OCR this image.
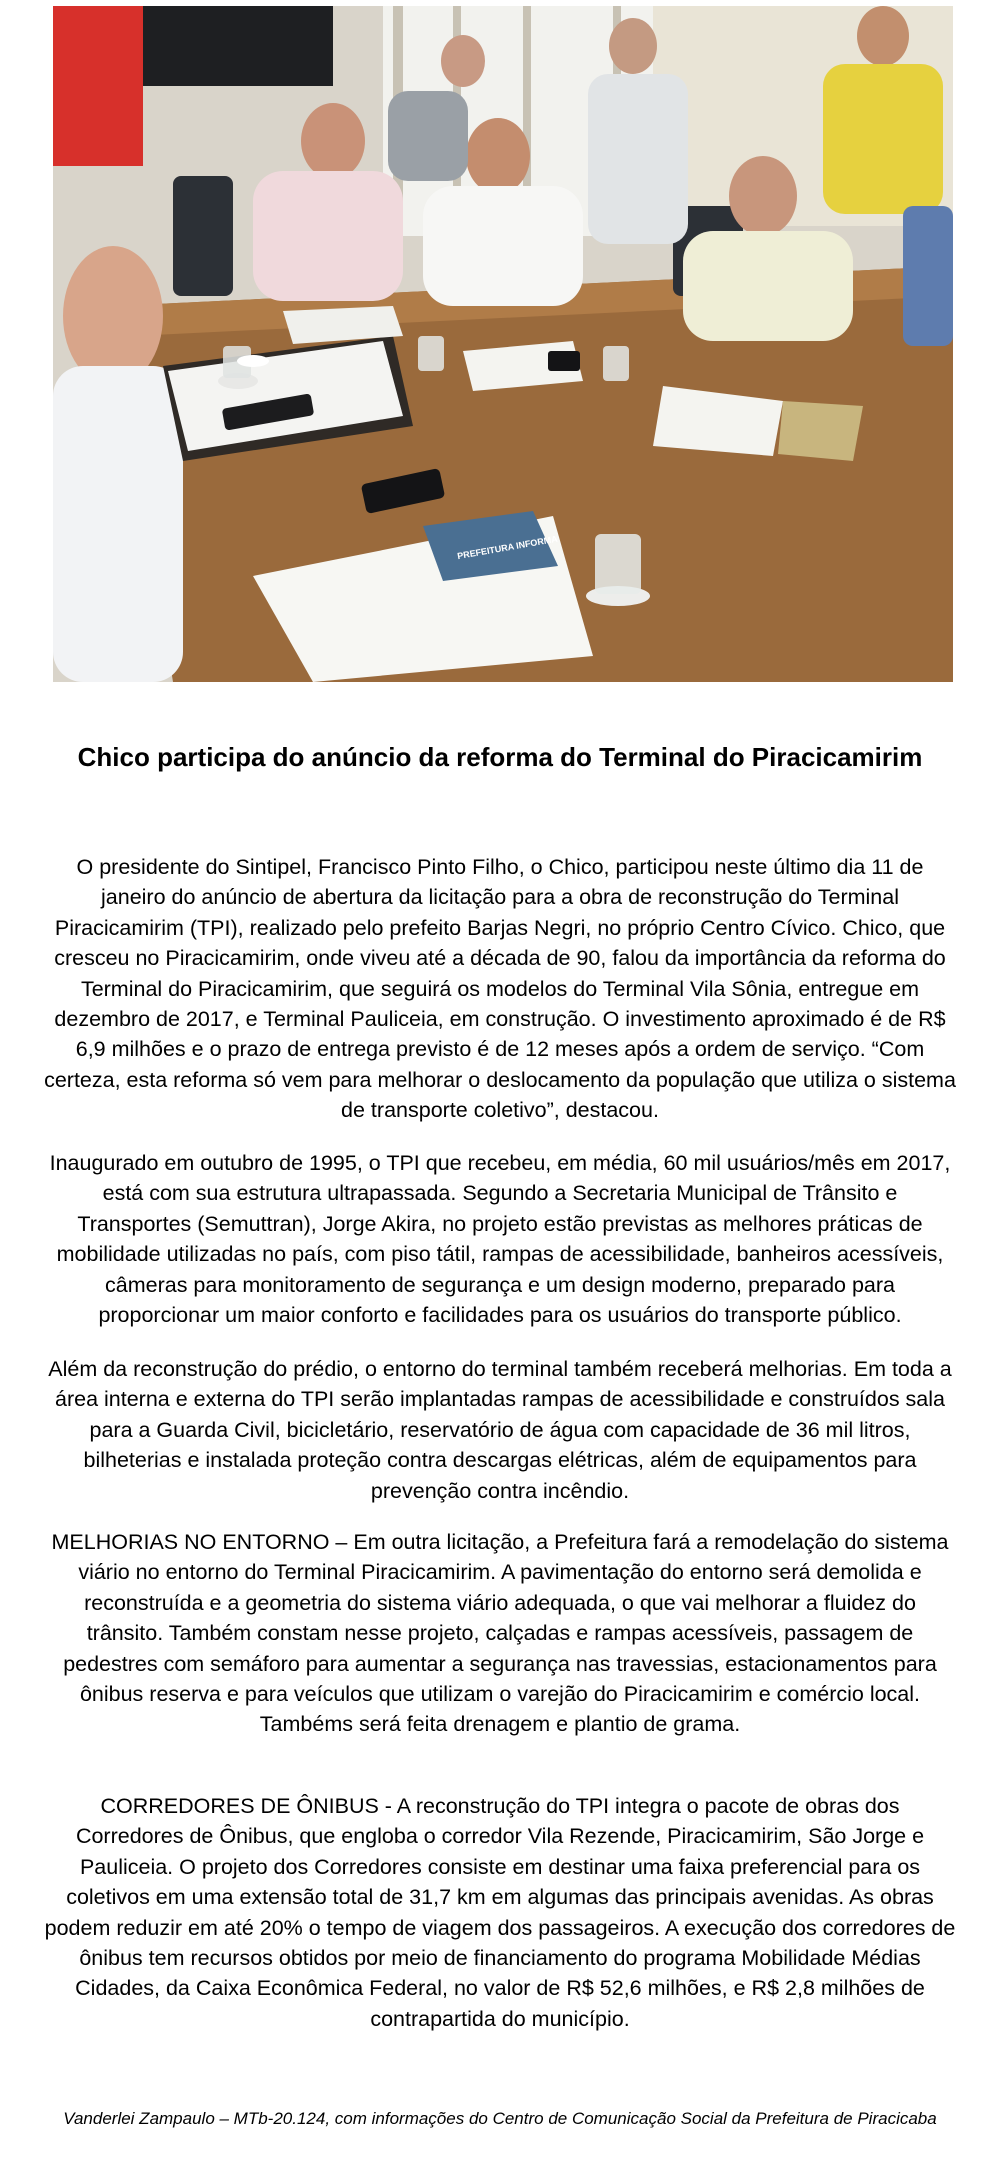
PREFEITURA INFORMA
Chico participa do anúncio da reforma do Terminal do Piracicamirim

O presidente do Sintipel, Francisco Pinto Filho, o Chico, participou neste último dia 11 de
janeiro do anúncio de abertura da licitação para a obra de reconstrução do Terminal
Piracicamirim (TPI), realizado pelo prefeito Barjas Negri, no próprio Centro Cívico. Chico, que
cresceu no Piracicamirim, onde viveu até a década de 90, falou da importância da reforma do
Terminal do Piracicamirim, que seguirá os modelos do Terminal Vila Sônia, entregue em
dezembro de 2017, e Terminal Pauliceia, em construção. O investimento aproximado é de R$
6,9 milhões e o prazo de entrega previsto é de 12 meses após a ordem de serviço. “Com
certeza, esta reforma só vem para melhorar o deslocamento da população que utiliza o sistema
de transporte coletivo”, destacou.

Inaugurado em outubro de 1995, o TPI que recebeu, em média, 60 mil usuários/mês em 2017,
está com sua estrutura ultrapassada. Segundo a Secretaria Municipal de Trânsito e
Transportes (Semuttran), Jorge Akira, no projeto estão previstas as melhores práticas de
mobilidade utilizadas no país, com piso tátil, rampas de acessibilidade, banheiros acessíveis,
câmeras para monitoramento de segurança e um design moderno, preparado para
proporcionar um maior conforto e facilidades para os usuários do transporte público.

Além da reconstrução do prédio, o entorno do terminal também receberá melhorias. Em toda a
área interna e externa do TPI serão implantadas rampas de acessibilidade e construídos sala
para a Guarda Civil, bicicletário, reservatório de água com capacidade de 36 mil litros,
bilheterias e instalada proteção contra descargas elétricas, além de equipamentos para
prevenção contra incêndio.

MELHORIAS NO ENTORNO – Em outra licitação, a Prefeitura fará a remodelação do sistema
viário no entorno do Terminal Piracicamirim. A pavimentação do entorno será demolida e
reconstruída e a geometria do sistema viário adequada, o que vai melhorar a fluidez do
trânsito. Também constam nesse projeto, calçadas e rampas acessíveis, passagem de
pedestres com semáforo para aumentar a segurança nas travessias, estacionamentos para
ônibus reserva e para veículos que utilizam o varejão do Piracicamirim e comércio local.
Tambéms será feita drenagem e plantio de grama.

CORREDORES DE ÔNIBUS - A reconstrução do TPI integra o pacote de obras dos
Corredores de Ônibus, que engloba o corredor Vila Rezende, Piracicamirim, São Jorge e
Pauliceia. O projeto dos Corredores consiste em destinar uma faixa preferencial para os
coletivos em uma extensão total de 31,7 km em algumas das principais avenidas. As obras
podem reduzir em até 20% o tempo de viagem dos passageiros. A execução dos corredores de
ônibus tem recursos obtidos por meio de financiamento do programa Mobilidade Médias
Cidades, da Caixa Econômica Federal, no valor de R$ 52,6 milhões, e R$ 2,8 milhões de
contrapartida do município.

Vanderlei Zampaulo – MTb-20.124, com informações do Centro de Comunicação Social da Prefeitura de Piracicaba
